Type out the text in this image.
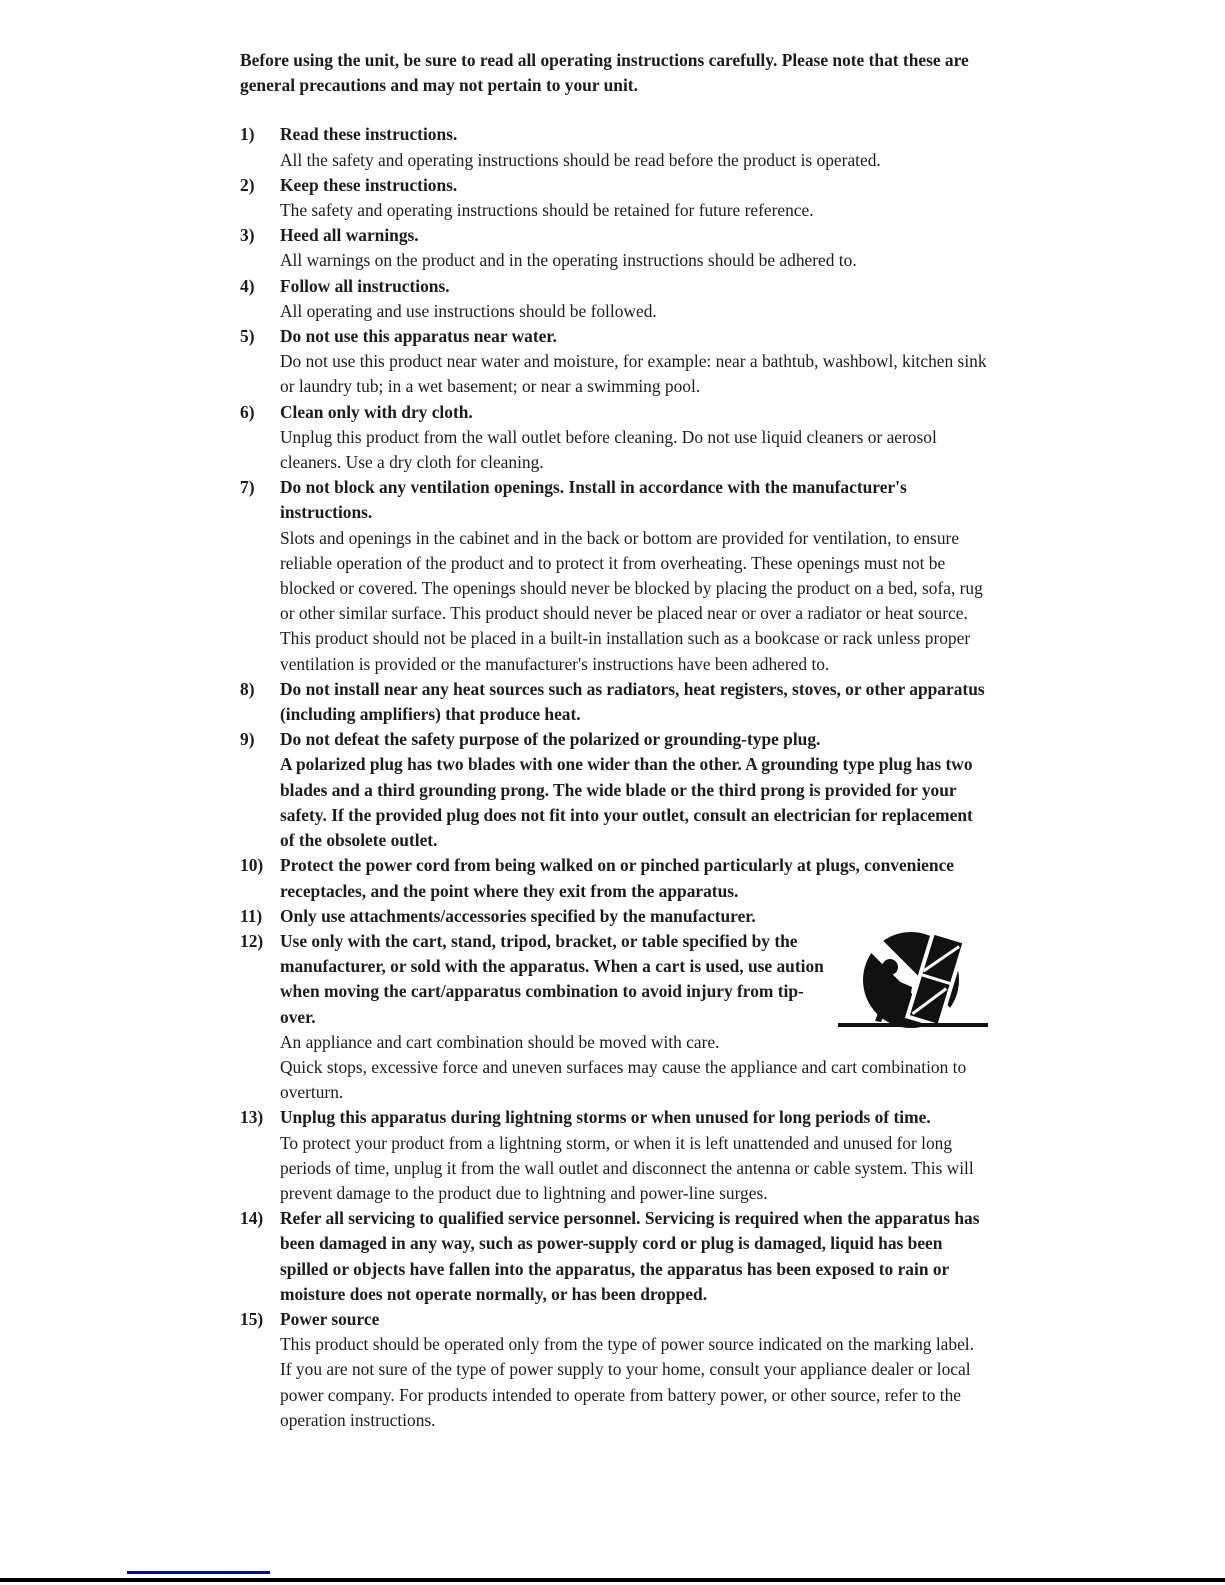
Before using the unit, be sure to read all operating instructions carefully. Please note that these are general precautions and may not pertain to your unit.

1)	Read these instructions.
All the safety and operating instructions should be read before the product is operated.
2)	Keep these instructions.
The safety and operating instructions should be retained for future reference.
3)	Heed all warnings.
All warnings on the product and in the operating instructions should be adhered to.
4)	Follow all instructions.
All operating and use instructions should be followed.
5)	Do not use this apparatus near water.
Do not use this product near water and moisture, for example: near a bathtub, washbowl, kitchen sink or laundry tub; in a wet basement; or near a swimming pool.
6)	Clean only with dry cloth.
Unplug this product from the wall outlet before cleaning. Do not use liquid cleaners or aerosol cleaners. Use a dry cloth for cleaning.
7)	Do not block any ventilation openings. Install in accordance with the manufacturer's instructions.
Slots and openings in the cabinet and in the back or bottom are provided for ventilation, to ensure reliable operation of the product and to protect it from overheating. These openings must not be blocked or covered. The openings should never be blocked by placing the product on a bed, sofa, rug or other similar surface. This product should never be placed near or over a radiator or heat source. This product should not be placed in a built-in installation such as a bookcase or rack unless proper ventilation is provided or the manufacturer's instructions have been adhered to.
8)	Do not install near any heat sources such as radiators, heat registers, stoves, or other apparatus (including amplifiers) that produce heat.
9)	Do not defeat the safety purpose of the polarized or grounding-type plug.
A polarized plug has two blades with one wider than the other. A grounding type plug has two blades and a third grounding prong. The wide blade or the third prong is provided for your safety. If the provided plug does not fit into your outlet, consult an electrician for replacement of the obsolete outlet.
10) Protect the power cord from being walked on or pinched particularly at plugs, convenience receptacles, and the point where they exit from the apparatus.
11)	Only use attachments/accessories specified by the manufacturer.
12) Use only with the cart, stand, tripod, bracket, or table specified by the manufacturer, or sold with the apparatus. When a cart is used, use aution when moving the cart/apparatus combination to avoid injury from tip-over.
An appliance and cart combination should be moved with care.
Quick stops, excessive force and uneven surfaces may cause the appliance and cart combination to overturn.
13) Unplug this apparatus during lightning storms or when unused for long periods of time.
To protect your product from a lightning storm, or when it is left unattended and unused for long periods of time, unplug it from the wall outlet and disconnect the antenna or cable system. This will prevent damage to the product due to lightning and power-line surges.
14) Refer all servicing to qualified service personnel. Servicing is required when the apparatus has been damaged in any way, such as power-supply cord or plug is damaged, liquid has been spilled or objects have fallen into the apparatus, the apparatus has been exposed to rain or moisture does not operate normally, or has been dropped.
15) Power source
This product should be operated only from the type of power source indicated on the marking label. If you are not sure of the type of power supply to your home, consult your appliance dealer or local power company. For products intended to operate from battery power, or other source, refer to the operation instructions.
